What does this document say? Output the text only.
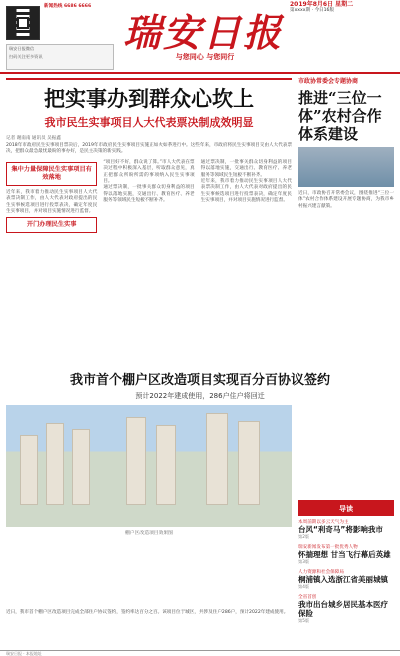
新闻热线 6686 6666
瑞安日报微信
扫码关注更多资讯
瑞安日报
与您同心 与您同行
2019年8月6日 星期二
第xxxx期 · 今日16版
把实事办到群众心坎上
我市民生实事项目人大代表票决制成效明显
记者 谢南南 通讯员 吴振鑫
2018年市政府民生实事项目票决后，2019年市政府民生实事项目实施正如火如荼进行中。这些年来，市政府将民生实事项目交由人大代表票决，把群众最急最忧最盼的事办好，是民主决策的新实践。
集中力量保障民生实事项目有效落地
近年来，我市着力推动民生实事项目人大代表票决制工作，由人大代表对政府提出的民生实事候选项目进行投票表决，确定年度民生实事项目，并对项目实施情况进行监督。
开门办理民生实事
“项目好不好，群众说了算。”市人大代表在票决过程中积极深入基层，听取群众意见，真正把群众所盼所需的事项纳入民生实事项目。
通过票决制，一批事关群众切身利益的项目得以落地实施，交通出行、教育医疗、养老服务等领域民生短板不断补齐。
通过票决制，一批事关群众切身利益的项目得以落地实施，交通出行、教育医疗、养老服务等领域民生短板不断补齐。
近年来，我市着力推动民生实事项目人大代表票决制工作，由人大代表对政府提出的民生实事候选项目进行投票表决，确定年度民生实事项目，并对项目实施情况进行监督。
市政协常委会专题协商
推进“三位一体”农村合作体系建设
近日，市政协召开常委会议，围绕推进“三位一体”农村合作体系建设开展专题协商，为我市乡村振兴建言献策。
我市首个棚户区改造项目实现百分百协议签约
预计2022年建成使用，286户住户将回迁
棚户区改造项目效果图
近日，我市首个棚户区改造项目完成全部住户协议签约，签约率达百分之百。该项目位于城区，共涉及住户286户，预计2022年建成使用。
导读
本周前期以多云天气为主
台风“利奇马”将影响我市
第2版
瑞安新闻发布第一批优秀人物
怀揣理想 甘当飞行幕后英雄
第3版
人力资源和社会保障局
桐浦镇入选浙江省美丽城镇
第4版
全省首创
我市出台城乡居民基本医疗保险
第5版
瑞安日报 · 本报地址
